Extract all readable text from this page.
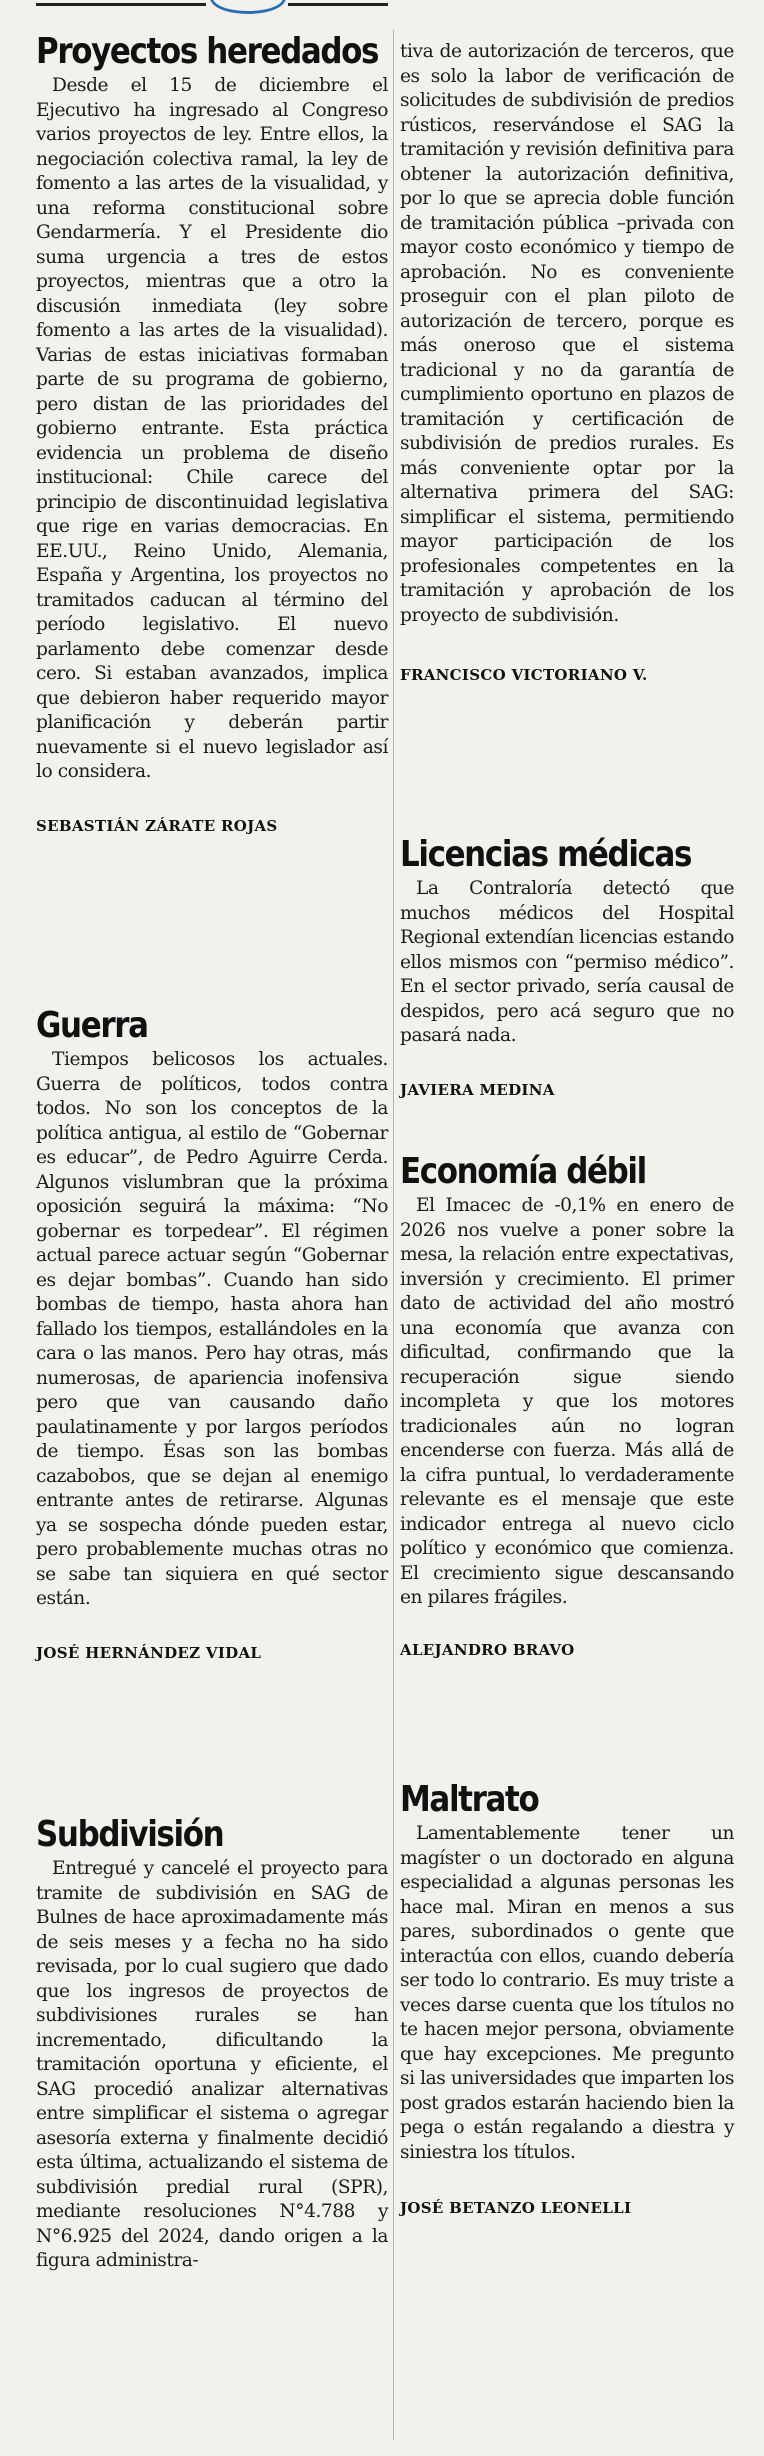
Proyectos heredados

Desde el 15 de diciembre el Ejecutivo ha ingresado al Congreso varios proyectos de ley. Entre ellos, la negociación colectiva ramal, la ley de fomento a las artes de la visualidad, y una reforma constitucional sobre Gendarmería. Y el Presidente dio suma urgencia a tres de estos proyectos, mientras que a otro la discusión inmediata (ley sobre fomento a las artes de la visualidad). Varias de estas iniciativas formaban parte de su programa de gobierno, pero distan de las prioridades del gobierno entrante. Esta práctica evidencia un problema de diseño institucional: Chile carece del principio de discontinuidad legislativa que rige en varias democracias. En EE.UU., Reino Unido, Alemania, España y Argentina, los proyectos no tramitados caducan al término del período legislativo. El nuevo parlamento debe comenzar desde cero. Si estaban avanzados, implica que debieron haber requerido mayor planificación y deberán partir nuevamente si el nuevo legislador así lo considera.

SEBASTIÁN ZÁRATE ROJAS

Guerra

Tiempos belicosos los actuales. Guerra de políticos, todos contra todos. No son los conceptos de la política antigua, al estilo de “Gobernar es educar”, de Pedro Aguirre Cerda. Algunos vislumbran que la próxima oposición seguirá la máxima: “No gobernar es torpedear”. El régimen actual parece actuar según “Gobernar es dejar bombas”. Cuando han sido bombas de tiempo, hasta ahora han fallado los tiempos, estallándoles en la cara o las manos. Pero hay otras, más numerosas, de apariencia inofensiva pero que van causando daño paulatinamente y por largos períodos de tiempo. Ésas son las bombas cazabobos, que se dejan al enemigo entrante antes de retirarse. Algunas ya se sospecha dónde pueden estar, pero probablemente muchas otras no se sabe tan siquiera en qué sector están.

JOSÉ HERNÁNDEZ VIDAL

Subdivisión

Entregué y cancelé el proyecto para tramite de subdivisión en SAG de Bulnes de hace aproximadamente más de seis meses y a fecha no ha sido revisada, por lo cual sugiero que dado que los ingresos de proyectos de subdivisiones rurales se han incrementado, dificultando la tramitación oportuna y eficiente, el SAG procedió analizar alternativas entre simplificar el sistema o agregar asesoría externa y finalmente decidió esta última, actualizando el sistema de subdivisión predial rural (SPR), mediante resoluciones N°4.788 y N°6.925 del 2024, dando origen a la figura administra-

tiva de autorización de terceros, que es solo la labor de verificación de solicitudes de subdivisión de predios rústicos, reservándose el SAG la tramitación y revisión definitiva para obtener la autorización definitiva, por lo que se aprecia doble función de tramitación pública –privada con mayor costo económico y tiempo de aprobación. No es conveniente proseguir con el plan piloto de autorización de tercero, porque es más oneroso que el sistema tradicional y no da garantía de cumplimiento oportuno en plazos de tramitación y certificación de subdivisión de predios rurales. Es más conveniente optar por la alternativa primera del SAG: simplificar el sistema, permitiendo mayor participación de los profesionales competentes en la tramitación y aprobación de los proyecto de subdivisión.

FRANCISCO VICTORIANO V.

Licencias médicas

La Contraloría detectó que muchos médicos del Hospital Regional extendían licencias estando ellos mismos con “permiso médico”. En el sector privado, sería causal de despidos, pero acá seguro que no pasará nada.

JAVIERA MEDINA

Economía débil

El Imacec de -0,1% en enero de 2026 nos vuelve a poner sobre la mesa, la relación entre expectativas, inversión y crecimiento. El primer dato de actividad del año mostró una economía que avanza con dificultad, confirmando que la recuperación sigue siendo incompleta y que los motores tradicionales aún no logran encenderse con fuerza. Más allá de la cifra puntual, lo verdaderamente relevante es el mensaje que este indicador entrega al nuevo ciclo político y económico que comienza. El crecimiento sigue descansando en pilares frágiles.

ALEJANDRO BRAVO

Maltrato

Lamentablemente tener un magíster o un doctorado en alguna especialidad a algunas personas les hace mal. Miran en menos a sus pares, subordinados o gente que interactúa con ellos, cuando debería ser todo lo contrario. Es muy triste a veces darse cuenta que los títulos no te hacen mejor persona, obviamente que hay excepciones. Me pregunto si las universidades que imparten los post grados estarán haciendo bien la pega o están regalando a diestra y siniestra los títulos.

JOSÉ BETANZO LEONELLI
